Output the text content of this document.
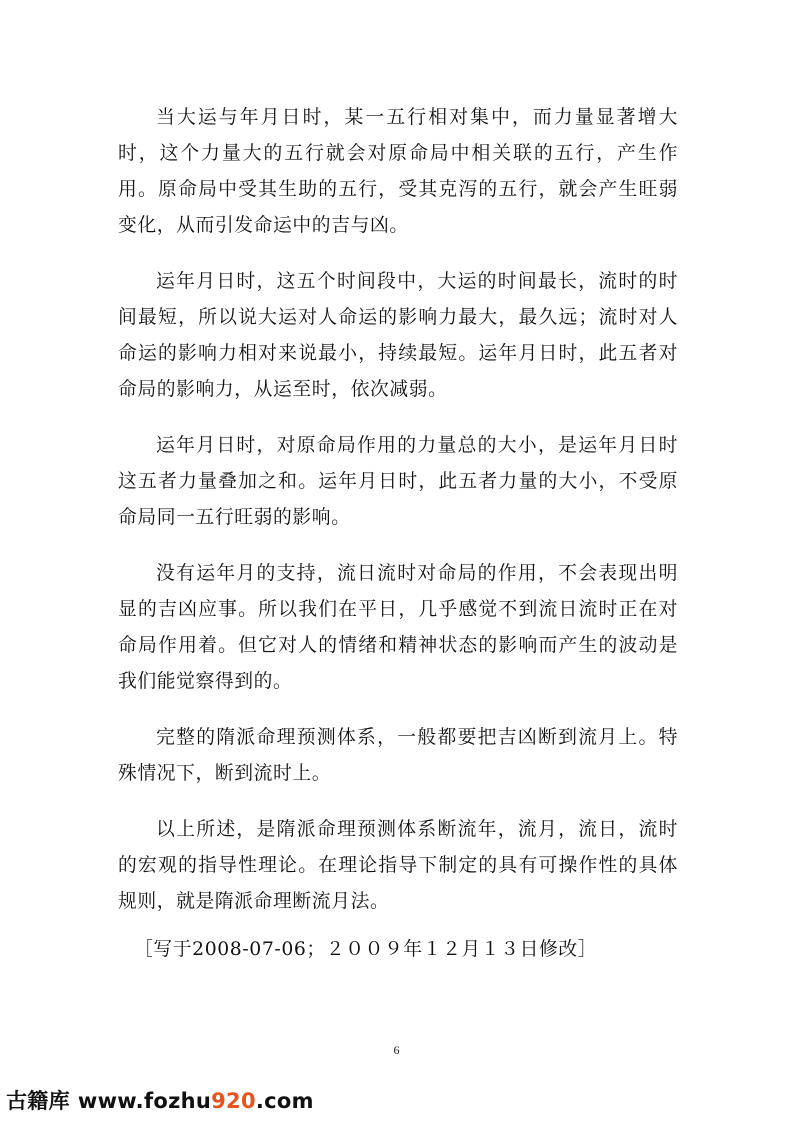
当大运与年月日时，某一五行相对集中，而力量显著增大时，这个力量大的五行就会对原命局中相关联的五行，产生作用。原命局中受其生助的五行，受其克泻的五行，就会产生旺弱变化，从而引发命运中的吉与凶。

运年月日时，这五个时间段中，大运的时间最长，流时的时间最短，所以说大运对人命运的影响力最大，最久远；流时对人命运的影响力相对来说最小，持续最短。运年月日时，此五者对命局的影响力，从运至时，依次减弱。

运年月日时，对原命局作用的力量总的大小，是运年月日时这五者力量叠加之和。运年月日时，此五者力量的大小，不受原命局同一五行旺弱的影响。

没有运年月的支持，流日流时对命局的作用，不会表现出明显的吉凶应事。所以我们在平日，几乎感觉不到流日流时正在对命局作用着。但它对人的情绪和精神状态的影响而产生的波动是我们能觉察得到的。

完整的隋派命理预测体系，一般都要把吉凶断到流月上。特殊情况下，断到流时上。

以上所述，是隋派命理预测体系断流年，流月，流日，流时的宏观的指导性理论。在理论指导下制定的具有可操作性的具体规则，就是隋派命理断流月法。

［写于2008-07-06；２００９年１２月１３日修改］
6
古籍库 www.fozhu920.com
